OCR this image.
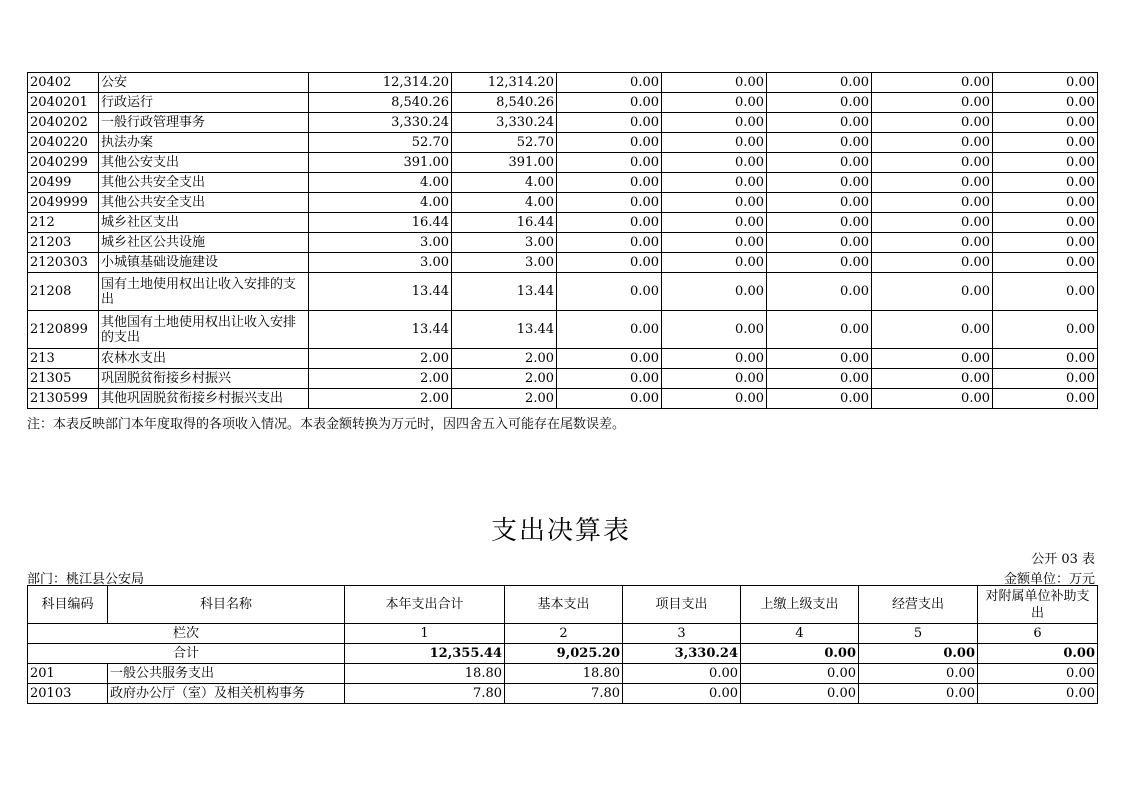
20402	公安	12,314.20	12,314.20	0.00	0.00	0.00	0.00	0.00
2040201	行政运行	8,540.26	8,540.26	0.00	0.00	0.00	0.00	0.00
2040202	一般行政管理事务	3,330.24	3,330.24	0.00	0.00	0.00	0.00	0.00
2040220	执法办案	52.70	52.70	0.00	0.00	0.00	0.00	0.00
2040299	其他公安支出	391.00	391.00	0.00	0.00	0.00	0.00	0.00
20499	其他公共安全支出	4.00	4.00	0.00	0.00	0.00	0.00	0.00
2049999	其他公共安全支出	4.00	4.00	0.00	0.00	0.00	0.00	0.00
212	城乡社区支出	16.44	16.44	0.00	0.00	0.00	0.00	0.00
21203	城乡社区公共设施	3.00	3.00	0.00	0.00	0.00	0.00	0.00
2120303	小城镇基础设施建设	3.00	3.00	0.00	0.00	0.00	0.00	0.00
21208	国有土地使用权出让收入安排的支出	13.44	13.44	0.00	0.00	0.00	0.00	0.00
2120899	其他国有土地使用权出让收入安排的支出	13.44	13.44	0.00	0.00	0.00	0.00	0.00
213	农林水支出	2.00	2.00	0.00	0.00	0.00	0.00	0.00
21305	巩固脱贫衔接乡村振兴	2.00	2.00	0.00	0.00	0.00	0.00	0.00
2130599	其他巩固脱贫衔接乡村振兴支出	2.00	2.00	0.00	0.00	0.00	0.00	0.00
注：本表反映部门本年度取得的各项收入情况。本表金额转换为万元时，因四舍五入可能存在尾数误差。
支出决算表
公开 03 表
部门：桃江县公安局	金额单位：万元
科目编码	科目名称	本年支出合计	基本支出	项目支出	上缴上级支出	经营支出	对附属单位补助支出
栏次		1	2	3	4	5	6
合计		12,355.44	9,025.20	3,330.24	0.00	0.00	0.00
201	一般公共服务支出	18.80	18.80	0.00	0.00	0.00	0.00
20103	政府办公厅（室）及相关机构事务	7.80	7.80	0.00	0.00	0.00	0.00
